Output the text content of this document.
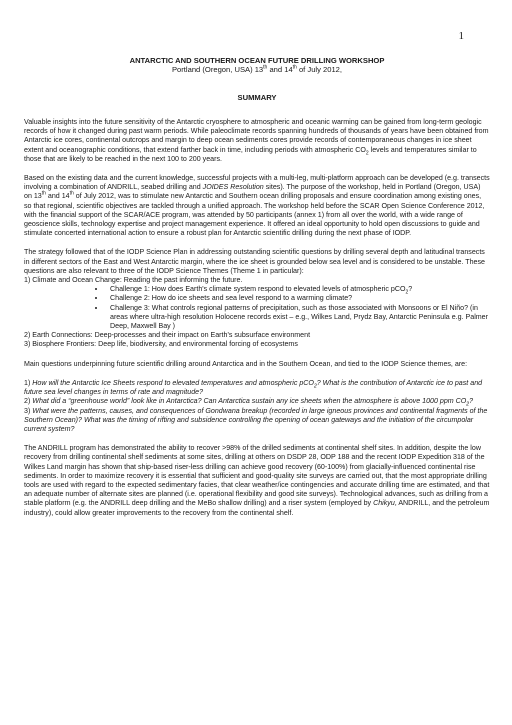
1
ANTARCTIC AND SOUTHERN OCEAN FUTURE DRILLING WORKSHOP
Portland (Oregon, USA) 13th and 14th of July 2012,
SUMMARY

Valuable insights into the future sensitivity of the Antarctic cryosphere to atmospheric and oceanic warming can be gained from long-term geologic records of how it changed during past warm periods. While paleoclimate records spanning hundreds of thousands of years have been obtained from Antarctic ice cores, continental outcrops and margin to deep ocean sediments cores provide records of contemporaneous changes in ice sheet extent and oceanographic conditions, that extend farther back in time, including periods with atmospheric $CO_2$ levels and temperatures similar to those that are likely to be reached in the next 100 to 200 years.

Based on the existing data and the current knowledge, successful projects with a multi-leg, multi-platform approach can be developed (e.g. transects involving a combination of ANDRILL, seabed drilling and JOIDES Resolution sites). The purpose of the workshop, held in Portland (Oregon, USA) on 13th and 14th of July 2012, was to stimulate new Antarctic and Southern ocean drilling proposals and ensure coordination among existing ones, so that regional, scientific objectives are tackled through a unified approach. The workshop held before the SCAR Open Science Conference 2012, with the financial support of the SCAR/ACE program, was attended by 50 participants (annex 1) from all over the world, with a wide range of geoscience skills, technology expertise and project management experience. It offered an ideal opportunity to hold open discussions to guide and stimulate concerted international action to ensure a robust plan for Antarctic scientific drilling during the next phase of IODP.

The strategy followed that of the IODP Science Plan in addressing outstanding scientific questions by drilling several depth and latitudinal transects in different sectors of the East and West Antarctic margin, where the ice sheet is grounded below sea level and is considered to be unstable. These questions are also relevant to three of the IODP Science Themes (Theme 1 in particular):
1) Climate and Ocean Change: Reading the past informing the future.
• Challenge 1: How does Earth's climate system respond to elevated levels of atmospheric pCO$_2$?
• Challenge 2: How do ice sheets and sea level respond to a warming climate?
• Challenge 3: What controls regional patterns of precipitation, such as those associated with Monsoons or El Niño? (in areas where ultra-high resolution Holocene records exist – e.g., Wilkes Land, Prydz Bay, Antarctic Peninsula e.g. Palmer Deep, Maxwell Bay )
2) Earth Connections: Deep-processes and their impact on Earth's subsurface environment
3) Biosphere Frontiers: Deep life, biodiversity, and environmental forcing of ecosystems

Main questions underpinning future scientific drilling around Antarctica and in the Southern Ocean, and tied to the IODP Science themes, are:

1) How will the Antarctic Ice Sheets respond to elevated temperatures and atmospheric pCO$_2$? What is the contribution of Antarctic ice to past and future sea level changes in terms of rate and magnitude?
2) What did a “greenhouse world” look like in Antarctica? Can Antarctica sustain any ice sheets when the atmosphere is above 1000 ppm $CO_2$?
3) What were the patterns, causes, and consequences of Gondwana breakup (recorded in large igneous provinces and continental fragments of the Southern Ocean)? What was the timing of rifting and subsidence controlling the opening of ocean gateways and the initiation of the circumpolar current system?

The ANDRILL program has demonstrated the ability to recover >98% of the drilled sediments at continental shelf sites. In addition, despite the low recovery from drilling continental shelf sediments at some sites, drilling at others on DSDP 28, ODP 188 and the recent IODP Expedition 318 of the Wilkes Land margin has shown that ship-based riser-less drilling can achieve good recovery (60-100%) from glacially-influenced continental rise sediments. In order to maximize recovery it is essential that sufficient and good-quality site surveys are carried out, that the most appropriate drilling tools are used with regard to the expected sedimentary facies, that clear weather/ice contingencies and accurate drilling time are estimated, and that an adequate number of alternate sites are planned (i.e. operational flexibility and good site surveys). Technological advances, such as drilling from a stable platform (e.g. the ANDRILL deep drilling and the MeBo shallow drilling) and a riser system (employed by Chikyu, ANDRILL, and the petroleum industry), could allow greater improvements to the recovery from the continental shelf.
